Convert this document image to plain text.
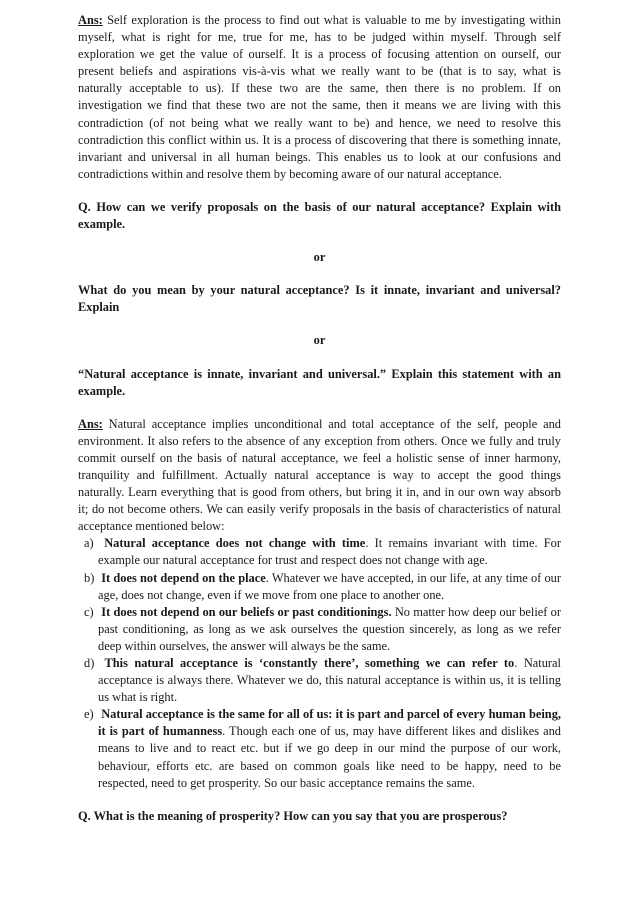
Ans: Self exploration is the process to find out what is valuable to me by investigating within myself, what is right for me, true for me, has to be judged within myself. Through self exploration we get the value of ourself. It is a process of focusing attention on ourself, our present beliefs and aspirations vis-à-vis what we really want to be (that is to say, what is naturally acceptable to us). If these two are the same, then there is no problem. If on investigation we find that these two are not the same, then it means we are living with this contradiction (of not being what we really want to be) and hence, we need to resolve this contradiction this conflict within us. It is a process of discovering that there is something innate, invariant and universal in all human beings. This enables us to look at our confusions and contradictions within and resolve them by becoming aware of our natural acceptance.

Q. How can we verify proposals on the basis of our natural acceptance? Explain with example.

or

What do you mean by your natural acceptance? Is it innate, invariant and universal? Explain

or

“Natural acceptance is innate, invariant and universal.” Explain this statement with an example.

Ans: Natural acceptance implies unconditional and total acceptance of the self, people and environment. It also refers to the absence of any exception from others. Once we fully and truly commit ourself on the basis of natural acceptance, we feel a holistic sense of inner harmony, tranquility and fulfillment. Actually natural acceptance is way to accept the good things naturally. Learn everything that is good from others, but bring it in, and in our own way absorb it; do not become others. We can easily verify proposals in the basis of characteristics of natural acceptance mentioned below:

a) Natural acceptance does not change with time. It remains invariant with time. For example our natural acceptance for trust and respect does not change with age.
b) It does not depend on the place. Whatever we have accepted, in our life, at any time of our age, does not change, even if we move from one place to another one.
c) It does not depend on our beliefs or past conditionings. No matter how deep our belief or past conditioning, as long as we ask ourselves the question sincerely, as long as we refer deep within ourselves, the answer will always be the same.
d) This natural acceptance is ‘constantly there’, something we can refer to. Natural acceptance is always there. Whatever we do, this natural acceptance is within us, it is telling us what is right.
e) Natural acceptance is the same for all of us: it is part and parcel of every human being, it is part of humanness. Though each one of us, may have different likes and dislikes and means to live and to react etc. but if we go deep in our mind the purpose of our work, behaviour, efforts etc. are based on common goals like need to be happy, need to be respected, need to get prosperity. So our basic acceptance remains the same.

Q. What is the meaning of prosperity? How can you say that you are prosperous?
